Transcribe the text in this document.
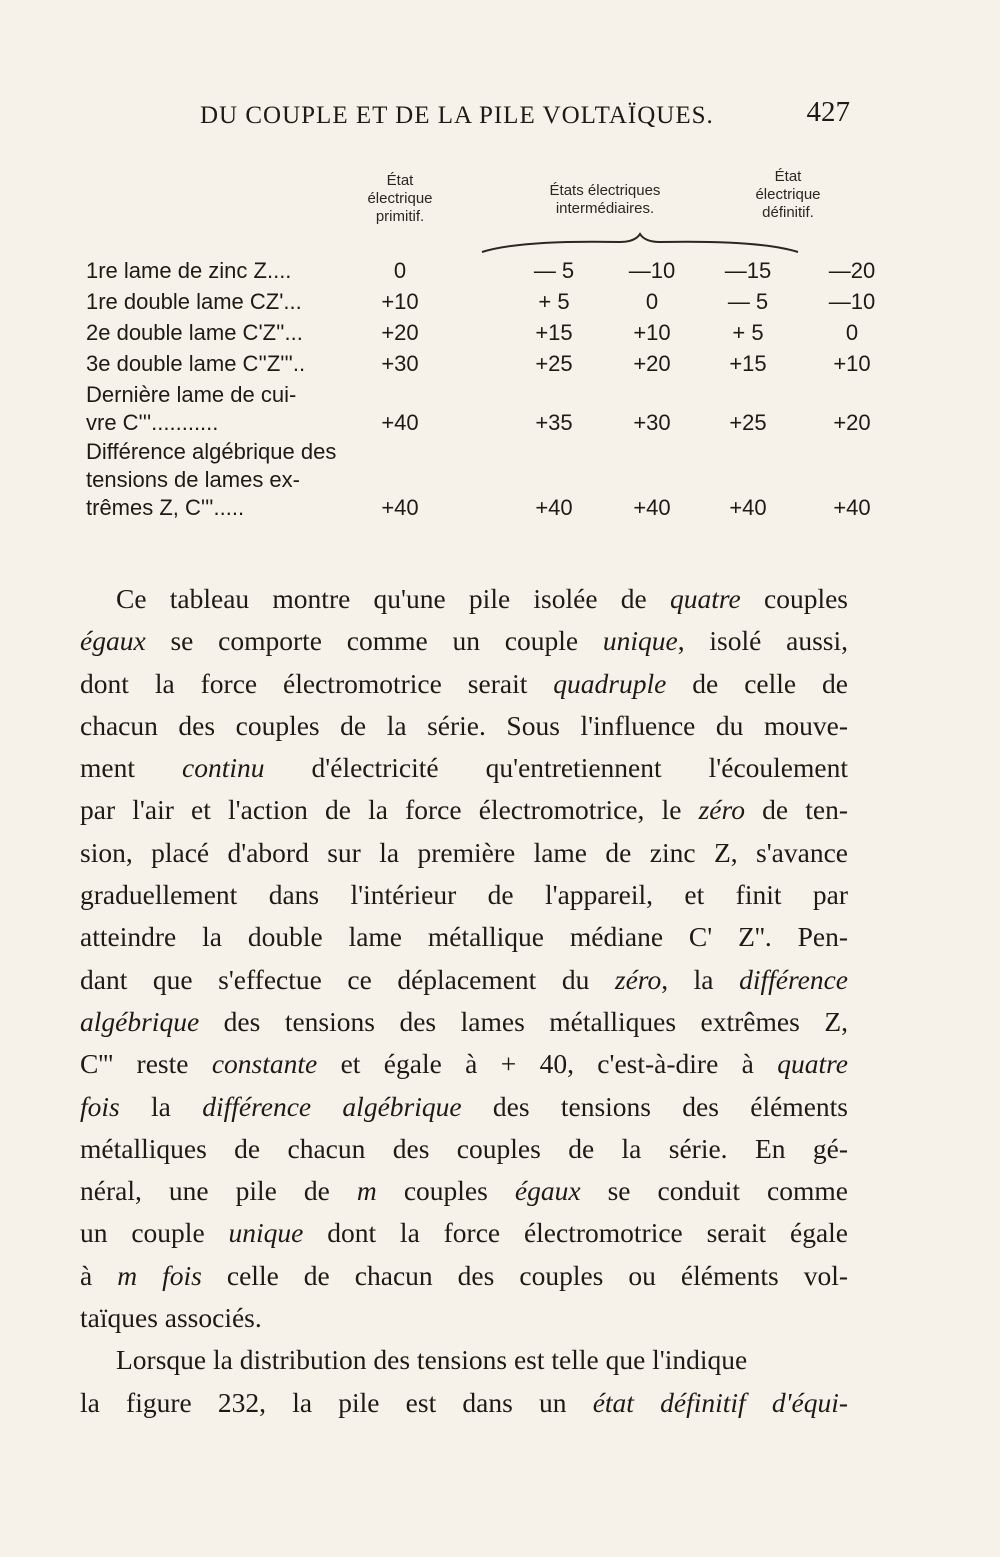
DU COUPLE ET DE LA PILE VOLTAÏQUES.	427
État
électrique
primitif.
États électriques
intermédiaires.
État
électrique
définitif.
1re lame de zinc Z....	0	— 5	—10	—15	—20
1re double lame CZ'...	+10	+ 5	0	— 5	—10
2e double lame C'Z''...	+20	+15	+10	+ 5	0
3e double lame C''Z'''..	+30	+25	+20	+15	+10
Dernière lame de cui-
vre C'''...........	+40	+35	+30	+25	+20
Différence algébrique des
tensions de lames ex-
trêmes Z, C'''.....	+40	+40	+40	+40	+40
Ce tableau montre qu'une pile isolée de quatre couples
égaux se comporte comme un couple unique, isolé aussi,
dont la force électromotrice serait quadruple de celle de
chacun des couples de la série. Sous l'influence du mouve-
ment continu d'électricité qu'entretiennent l'écoulement
par l'air et l'action de la force électromotrice, le zéro de ten-
sion, placé d'abord sur la première lame de zinc Z, s'avance
graduellement dans l'intérieur de l'appareil, et finit par
atteindre la double lame métallique médiane C' Z''. Pen-
dant que s'effectue ce déplacement du zéro, la différence
algébrique des tensions des lames métalliques extrêmes Z,
C''' reste constante et égale à + 40, c'est-à-dire à quatre
fois la différence algébrique des tensions des éléments
métalliques de chacun des couples de la série. En gé-
néral, une pile de m couples égaux se conduit comme
un couple unique dont la force électromotrice serait égale
à m fois celle de chacun des couples ou éléments vol-
taïques associés.
Lorsque la distribution des tensions est telle que l'indique
la figure 232, la pile est dans un état définitif d'équi-
